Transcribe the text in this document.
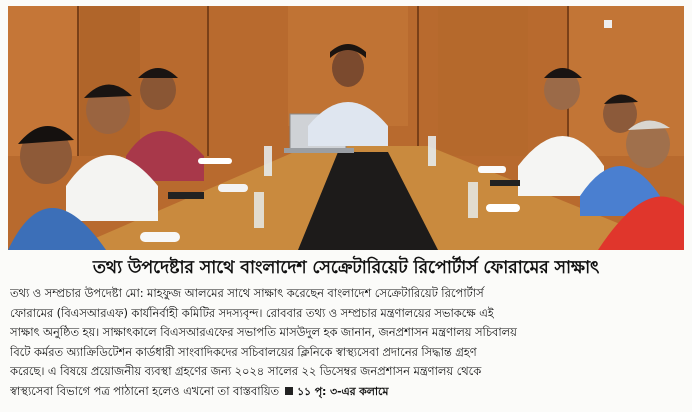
তথ্য উপদেষ্টার সাথে বাংলাদেশ সেক্রেটারিয়েট রিপোর্টার্স ফোরামের সাক্ষাৎ

তথ্য ও সম্প্রচার উপদেষ্টা মো: মাহফুজ আলমের সাথে সাক্ষাৎ করেছেন বাংলাদেশ সেক্রেটারিয়েট রিপোর্টার্স

ফোরামের (বিএসআরএফ) কার্যনির্বাহী কমিটির সদস্যবৃন্দ। রোববার তথ্য ও সম্প্রচার মন্ত্রণালয়ের সভাকক্ষে এই

সাক্ষাৎ অনুষ্ঠিত হয়। সাক্ষাৎকালে বিএসআরএফের সভাপতি মাসউদুল হক জানান, জনপ্রশাসন মন্ত্রণালয় সচিবালয়

বিটে কর্মরত অ্যাক্রিডিটেশন কার্ডধারী সাংবাদিকদের সচিবালয়ের ক্লিনিকে স্বাস্থ্যসেবা প্রদানের সিদ্ধান্ত গ্রহণ

করেছে। এ বিষয়ে প্রয়োজনীয় ব্যবস্থা গ্রহণের জন্য ২০২৪ সালের ২২ ডিসেম্বর জনপ্রশাসন মন্ত্রণালয় থেকে

স্বাস্থ্যসেবা বিভাগে পত্র পাঠানো হলেও এখনো তা বাস্তবায়িত ১১ পৃ: ৩-এর কলামে
